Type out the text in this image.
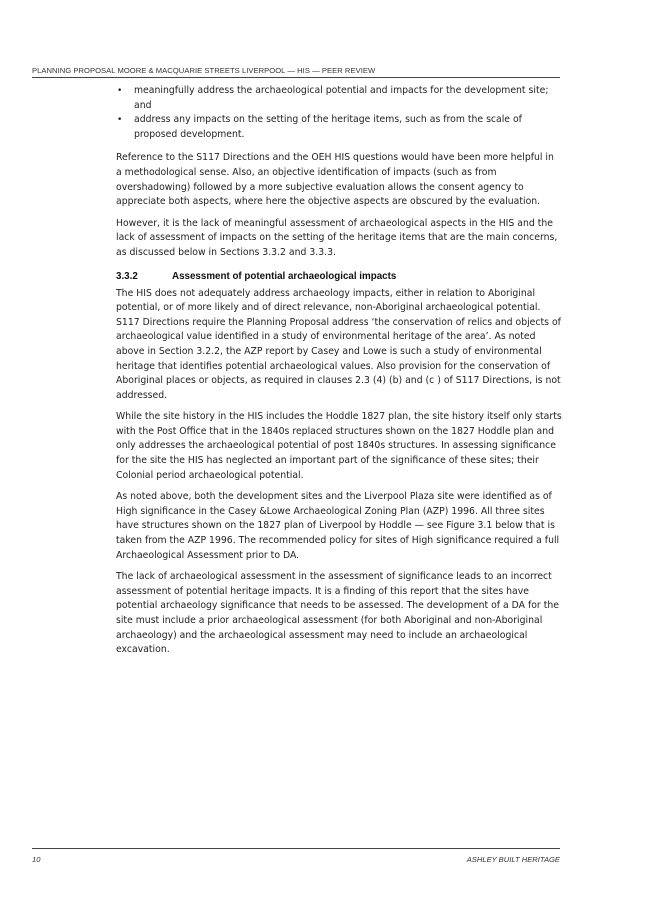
PLANNING PROPOSAL MOORE & MACQUARIE STREETS LIVERPOOL — HIS — PEER REVIEW
• meaningfully address the archaeological potential and impacts for the development site; and
• address any impacts on the setting of the heritage items, such as from the scale of proposed development.

Reference to the S117 Directions and the OEH HIS questions would have been more helpful in a methodological sense. Also, an objective identification of impacts (such as from overshadowing) followed by a more subjective evaluation allows the consent agency to appreciate both aspects, where here the objective aspects are obscured by the evaluation.

However, it is the lack of meaningful assessment of archaeological aspects in the HIS and the lack of assessment of impacts on the setting of the heritage items that are the main concerns, as discussed below in Sections 3.3.2 and 3.3.3.

3.3.2	Assessment of potential archaeological impacts

The HIS does not adequately address archaeology impacts, either in relation to Aboriginal potential, or of more likely and of direct relevance, non-Aboriginal archaeological potential. S117 Directions require the Planning Proposal address ‘the conservation of relics and objects of archaeological value identified in a study of environmental heritage of the area’. As noted above in Section 3.2.2, the AZP report by Casey and Lowe is such a study of environmental heritage that identifies potential archaeological values. Also provision for the conservation of Aboriginal places or objects, as required in clauses 2.3 (4) (b) and (c ) of S117 Directions, is not addressed.

While the site history in the HIS includes the Hoddle 1827 plan, the site history itself only starts with the Post Office that in the 1840s replaced structures shown on the 1827 Hoddle plan and only addresses the archaeological potential of post 1840s structures. In assessing significance for the site the HIS has neglected an important part of the significance of these sites; their Colonial period archaeological potential.

As noted above, both the development sites and the Liverpool Plaza site were identified as of High significance in the Casey &Lowe Archaeological Zoning Plan (AZP) 1996. All three sites have structures shown on the 1827 plan of Liverpool by Hoddle — see Figure 3.1 below that is taken from the AZP 1996. The recommended policy for sites of High significance required a full Archaeological Assessment prior to DA.

The lack of archaeological assessment in the assessment of significance leads to an incorrect assessment of potential heritage impacts. It is a finding of this report that the sites have potential archaeology significance that needs to be assessed. The development of a DA for the site must include a prior archaeological assessment (for both Aboriginal and non-Aboriginal archaeology) and the archaeological assessment may need to include an archaeological excavation.

10	ASHLEY BUILT HERITAGE
